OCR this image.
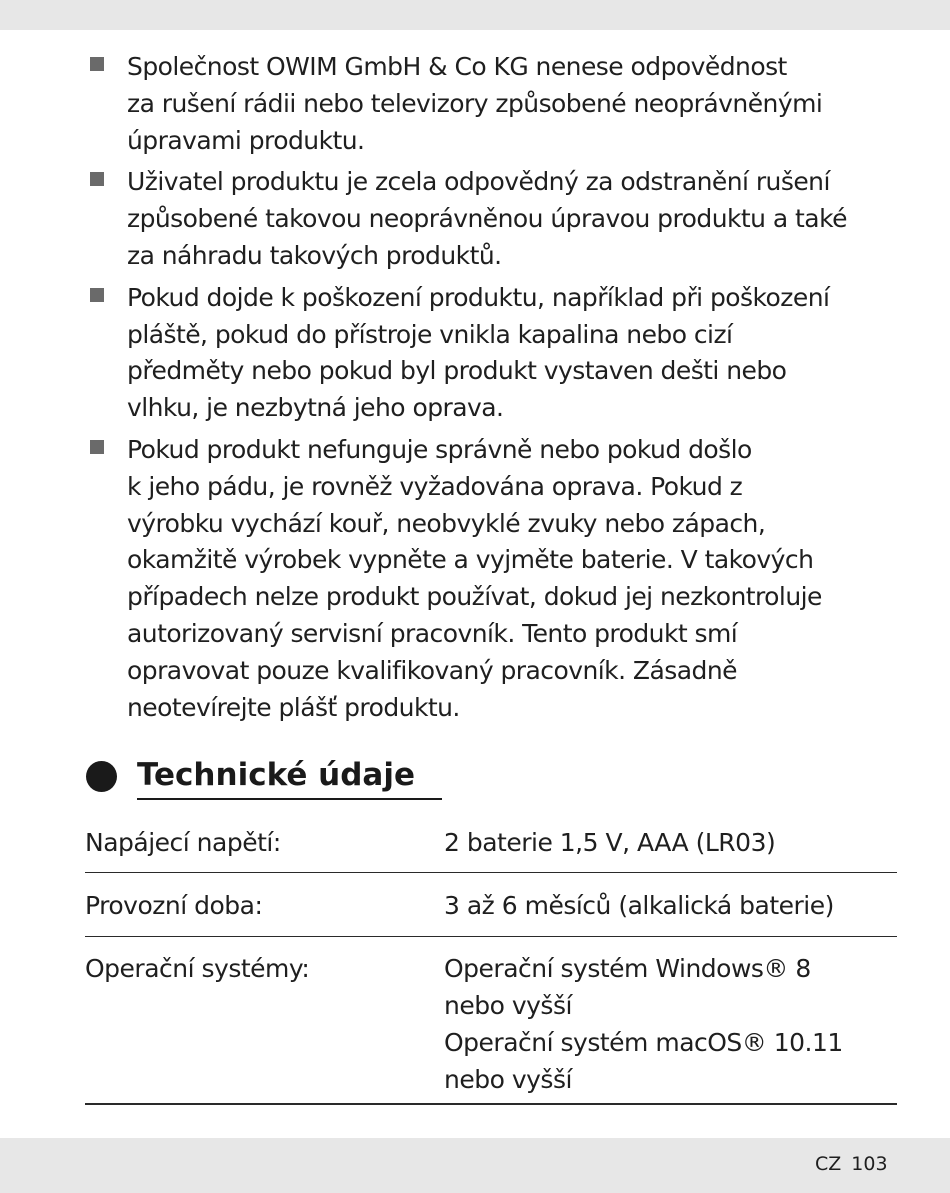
Společnost OWIM GmbH & Co KG nenese odpovědnost
za rušení rádii nebo televizory způsobené neoprávněnými
úpravami produktu.
Uživatel produktu je zcela odpovědný za odstranění rušení
způsobené takovou neoprávněnou úpravou produktu a také
za náhradu takových produktů.
Pokud dojde k poškození produktu, například při poškození
pláště, pokud do přístroje vnikla kapalina nebo cizí
předměty nebo pokud byl produkt vystaven dešti nebo
vlhku, je nezbytná jeho oprava.
Pokud produkt nefunguje správně nebo pokud došlo
k jeho pádu, je rovněž vyžadována oprava. Pokud z
výrobku vychází kouř, neobvyklé zvuky nebo zápach,
okamžitě výrobek vypněte a vyjměte baterie. V takových
případech nelze produkt používat, dokud jej nezkontroluje
autorizovaný servisní pracovník. Tento produkt smí
opravovat pouze kvalifikovaný pracovník. Zásadně
neotevírejte plášť produktu.
Technické údaje
Napájecí napětí:	2 baterie 1,5 V, AAA (LR03)
Provozní doba:	3 až 6 měsíců (alkalická baterie)
Operační systémy:	Operační systém Windows® 8
nebo vyšší
Operační systém macOS® 10.11
nebo vyšší
CZ 103
